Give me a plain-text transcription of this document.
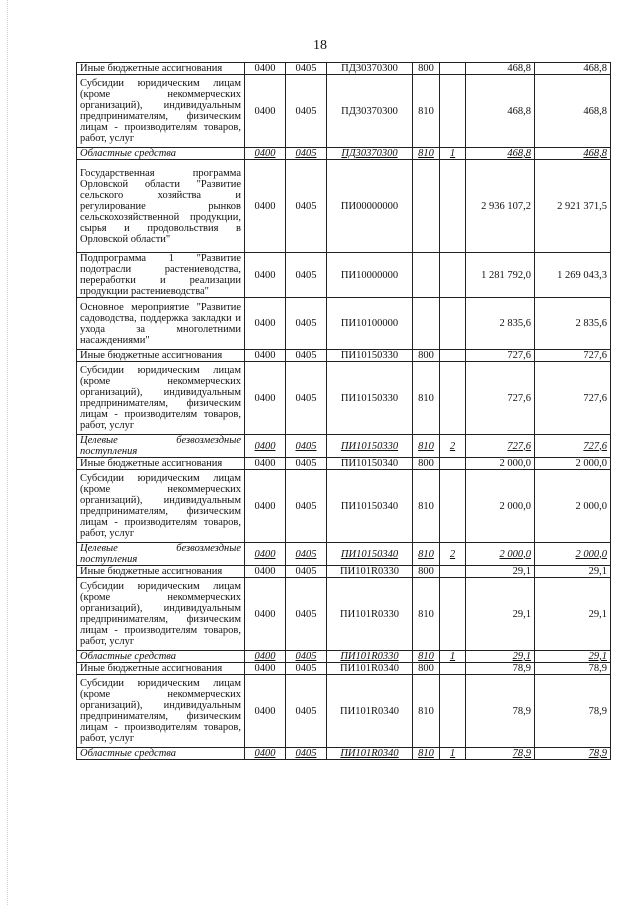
18
Иные бюджетные ассигнования	0400	0405	ПД30370300	800		468,8	468,8
Субсидии юридическим лицам (кроме некоммерческих организаций), индивидуальным предпринимателям, физическим лицам - производителям товаров, работ, услуг	0400	0405	ПД30370300	810		468,8	468,8
Областные средства	0400	0405	ПД30370300	810	1	468,8	468,8
Государственная программа Орловской области "Развитие сельского хозяйства и регулирование рынков сельскохозяйственной продукции, сырья и продовольствия в Орловской области"	0400	0405	ПИ00000000			2 936 107,2	2 921 371,5
Подпрограмма 1 "Развитие подотрасли растениеводства, переработки и реализации продукции растениеводства"	0400	0405	ПИ10000000			1 281 792,0	1 269 043,3
Основное мероприятие "Развитие садоводства, поддержка закладки и ухода за многолетними насаждениями"	0400	0405	ПИ10100000			2 835,6	2 835,6
Иные бюджетные ассигнования	0400	0405	ПИ10150330	800		727,6	727,6
Субсидии юридическим лицам (кроме некоммерческих организаций), индивидуальным предпринимателям, физическим лицам - производителям товаров, работ, услуг	0400	0405	ПИ10150330	810		727,6	727,6
Целевые безвозмездные поступления	0400	0405	ПИ10150330	810	2	727,6	727,6
Иные бюджетные ассигнования	0400	0405	ПИ10150340	800		2 000,0	2 000,0
Субсидии юридическим лицам (кроме некоммерческих организаций), индивидуальным предпринимателям, физическим лицам - производителям товаров, работ, услуг	0400	0405	ПИ10150340	810		2 000,0	2 000,0
Целевые безвозмездные поступления	0400	0405	ПИ10150340	810	2	2 000,0	2 000,0
Иные бюджетные ассигнования	0400	0405	ПИ101R0330	800		29,1	29,1
Субсидии юридическим лицам (кроме некоммерческих организаций), индивидуальным предпринимателям, физическим лицам - производителям товаров, работ, услуг	0400	0405	ПИ101R0330	810		29,1	29,1
Областные средства	0400	0405	ПИ101R0330	810	1	29,1	29,1
Иные бюджетные ассигнования	0400	0405	ПИ101R0340	800		78,9	78,9
Субсидии юридическим лицам (кроме некоммерческих организаций), индивидуальным предпринимателям, физическим лицам - производителям товаров, работ, услуг	0400	0405	ПИ101R0340	810		78,9	78,9
Областные средства	0400	0405	ПИ101R0340	810	1	78,9	78,9
